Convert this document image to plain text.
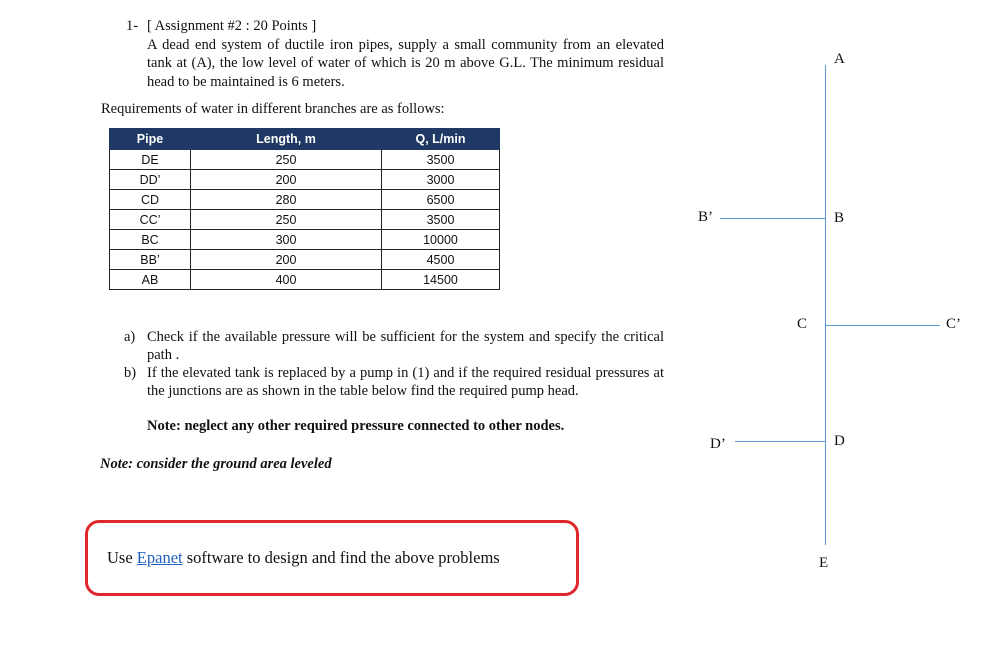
1- [ Assignment #2 : 20 Points ]
A dead end system of ductile iron pipes, supply a small community from an elevated tank at (A), the low level of water of which is 20 m above G.L. The minimum residual head to be maintained is 6 meters.
Requirements of water in different branches are as follows:
Pipe	Length, m	Q, L/min
DE	250	3500
DD’	200	3000
CD	280	6500
CC’	250	3500
BC	300	10000
BB’	200	4500
AB	400	14500
a) Check if the available pressure will be sufficient for the system and specify the critical path .
b) If the elevated tank is replaced by a pump in (1) and if the required residual pressures at the junctions are as shown in the table below find the required pump head.
Note: neglect any other required pressure connected to other nodes.
Note: consider the ground area leveled
Use Epanet software to design and find the above problems
A
B
B’
C	C’
D
D’
E
